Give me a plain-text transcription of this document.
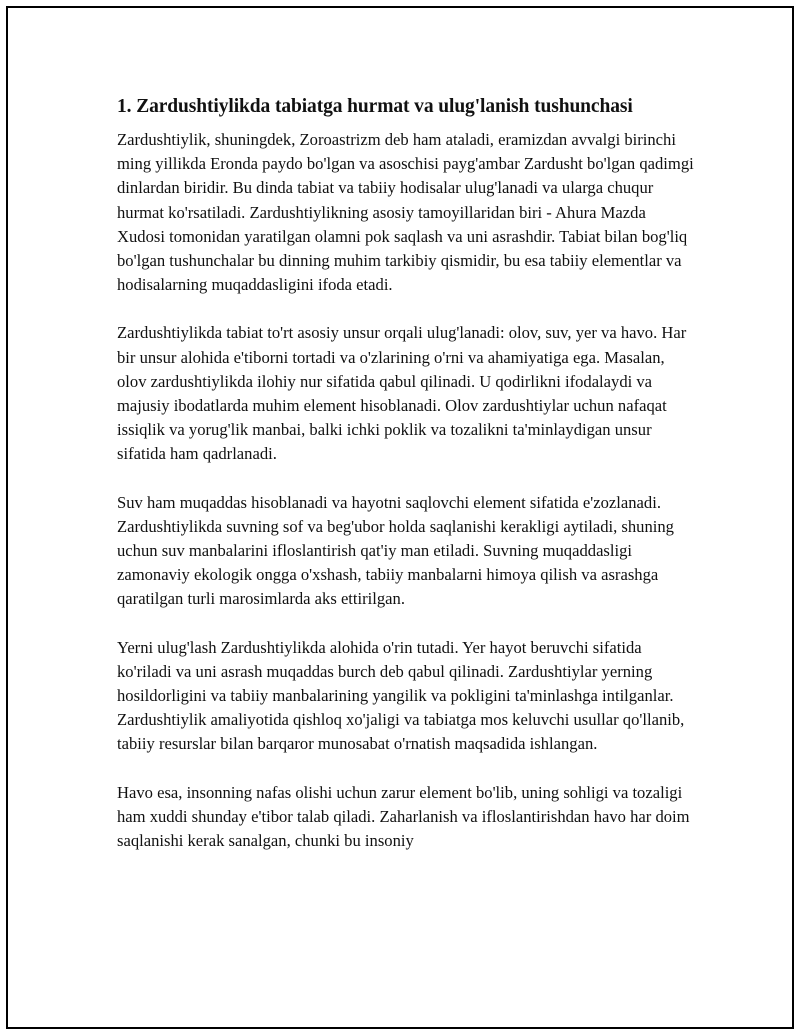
1. Zardushtiylikda tabiatga hurmat va ulug'lanish tushunchasi

Zardushtiylik, shuningdek, Zoroastrizm deb ham ataladi, eramizdan avvalgi birinchi ming yillikda Eronda paydo bo'lgan va asoschisi payg'ambar Zardusht bo'lgan qadimgi dinlardan biridir. Bu dinda tabiat va tabiiy hodisalar ulug'lanadi va ularga chuqur hurmat ko'rsatiladi. Zardushtiylikning asosiy tamoyillaridan biri - Ahura Mazda Xudosi tomonidan yaratilgan olamni pok saqlash va uni asrashdir. Tabiat bilan bog'liq bo'lgan tushunchalar bu dinning muhim tarkibiy qismidir, bu esa tabiiy elementlar va hodisalarning muqaddasligini ifoda etadi.

Zardushtiylikda tabiat to'rt asosiy unsur orqali ulug'lanadi: olov, suv, yer va havo. Har bir unsur alohida e'tiborni tortadi va o'zlarining o'rni va ahamiyatiga ega. Masalan, olov zardushtiylikda ilohiy nur sifatida qabul qilinadi. U qodirlikni ifodalaydi va majusiy ibodatlarda muhim element hisoblanadi. Olov zardushtiylar uchun nafaqat issiqlik va yorug'lik manbai, balki ichki poklik va tozalikni ta'minlaydigan unsur sifatida ham qadrlanadi.

Suv ham muqaddas hisoblanadi va hayotni saqlovchi element sifatida e'zozlanadi. Zardushtiylikda suvning sof va beg'ubor holda saqlanishi kerakligi aytiladi, shuning uchun suv manbalarini ifloslantirish qat'iy man etiladi. Suvning muqaddasligi zamonaviy ekologik ongga o'xshash, tabiiy manbalarni himoya qilish va asrashga qaratilgan turli marosimlarda aks ettirilgan.

Yerni ulug'lash Zardushtiylikda alohida o'rin tutadi. Yer hayot beruvchi sifatida ko'riladi va uni asrash muqaddas burch deb qabul qilinadi. Zardushtiylar yerning hosildorligini va tabiiy manbalarining yangilik va pokligini ta'minlashga intilganlar. Zardushtiylik amaliyotida qishloq xo'jaligi va tabiatga mos keluvchi usullar qo'llanib, tabiiy resurslar bilan barqaror munosabat o'rnatish maqsadida ishlangan.

Havo esa, insonning nafas olishi uchun zarur element bo'lib, uning sohligi va tozaligi ham xuddi shunday e'tibor talab qiladi. Zaharlanish va ifloslantirishdan havo har doim saqlanishi kerak sanalgan, chunki bu insoniy
